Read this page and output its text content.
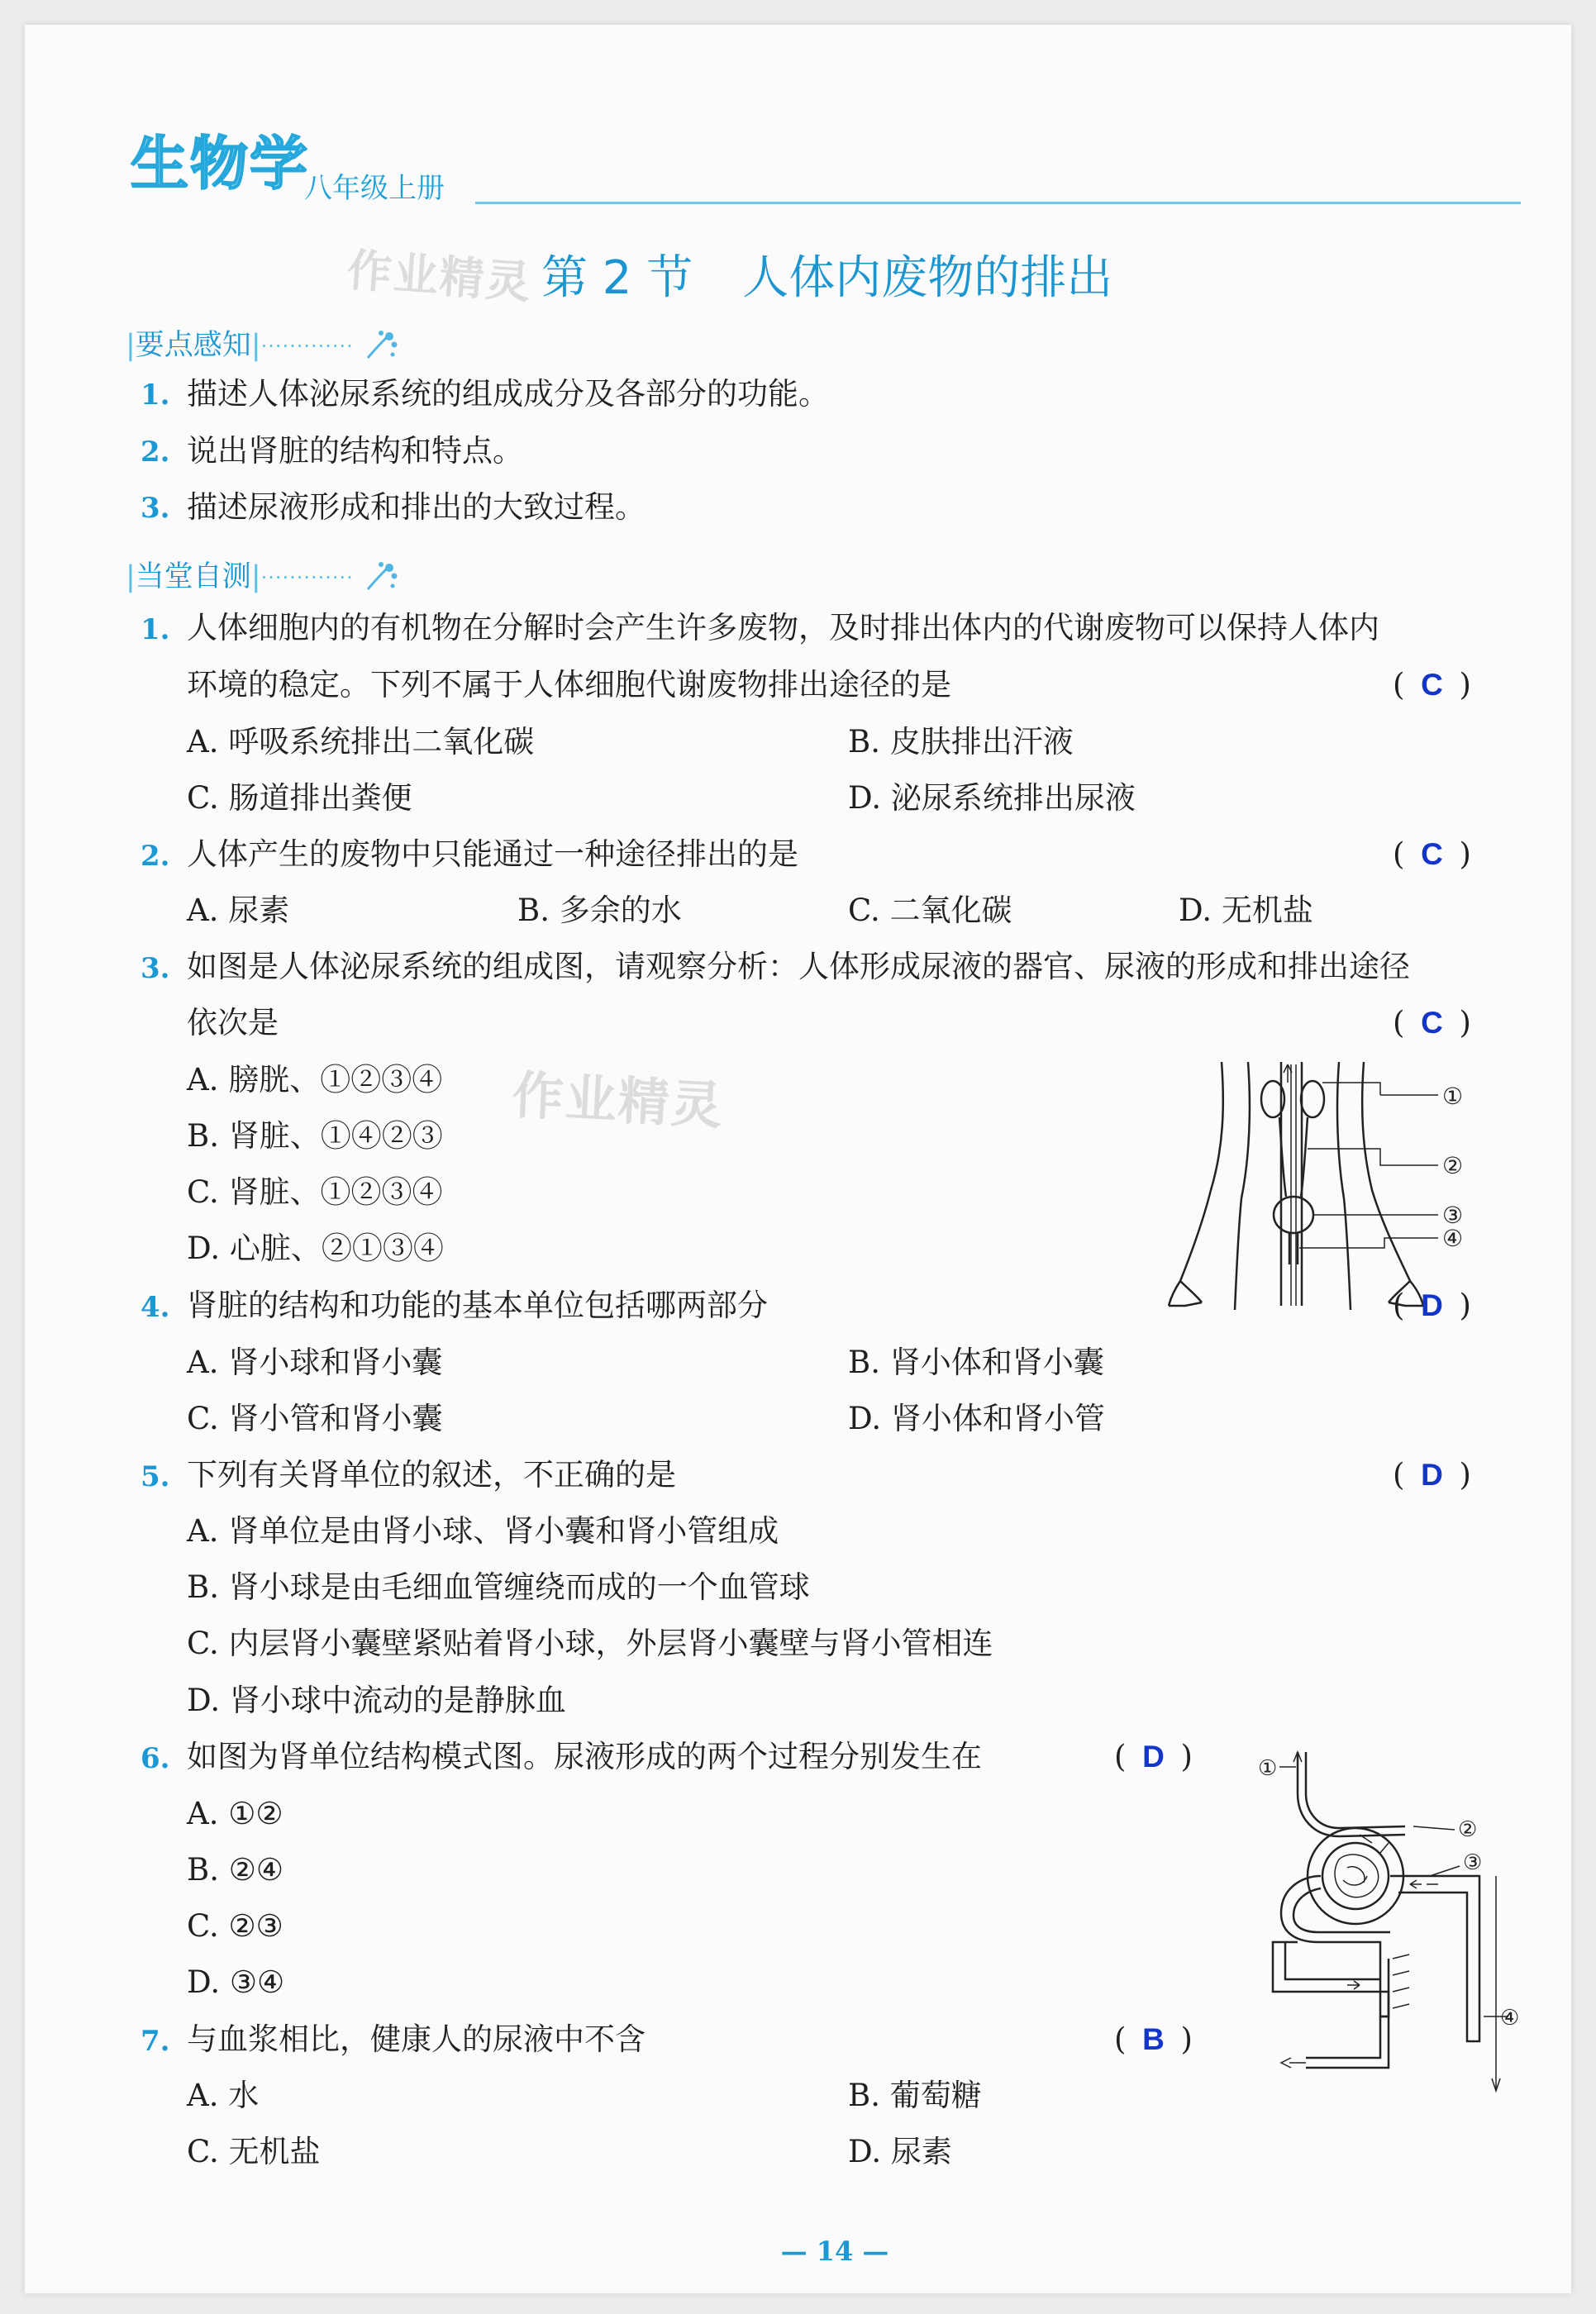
生物学
八年级上册
作业精灵 第 2 节 人体内废物的排出
|要点感知|·············
1. 描述人体泌尿系统的组成成分及各部分的功能。
2. 说出肾脏的结构和特点。
3. 描述尿液形成和排出的大致过程。
|当堂自测|·············
1. 人体细胞内的有机物在分解时会产生许多废物，及时排出体内的代谢废物可以保持人体内
环境的稳定。下列不属于人体细胞代谢废物排出途径的是	( C )
A. 呼吸系统排出二氧化碳	B. 皮肤排出汗液
C. 肠道排出粪便	D. 泌尿系统排出尿液
2. 人体产生的废物中只能通过一种途径排出的是	( C )
A. 尿素	B. 多余的水	C. 二氧化碳	D. 无机盐
3. 如图是人体泌尿系统的组成图，请观察分析：人体形成尿液的器官、尿液的形成和排出途径
依次是	( C )
A. 膀胱、①②③④
B. 肾脏、①④②③
C. 肾脏、①②③④
D. 心脏、②①③④
作业精灵	①
②
③
④
4. 肾脏的结构和功能的基本单位包括哪两部分	( D )
A. 肾小球和肾小囊	B. 肾小体和肾小囊
C. 肾小管和肾小囊	D. 肾小体和肾小管
5. 下列有关肾单位的叙述，不正确的是	( D )
A. 肾单位是由肾小球、肾小囊和肾小管组成
B. 肾小球是由毛细血管缠绕而成的一个血管球
C. 内层肾小囊壁紧贴着肾小球，外层肾小囊壁与肾小管相连
D. 肾小球中流动的是静脉血
6. 如图为肾单位结构模式图。尿液形成的两个过程分别发生在	( D )
A. ①②
B. ②④
C. ②③
D. ③④
①
②
③
④
7. 与血浆相比，健康人的尿液中不含	( B )
A. 水	B. 葡萄糖
C. 无机盐	D. 尿素
— 14 —
